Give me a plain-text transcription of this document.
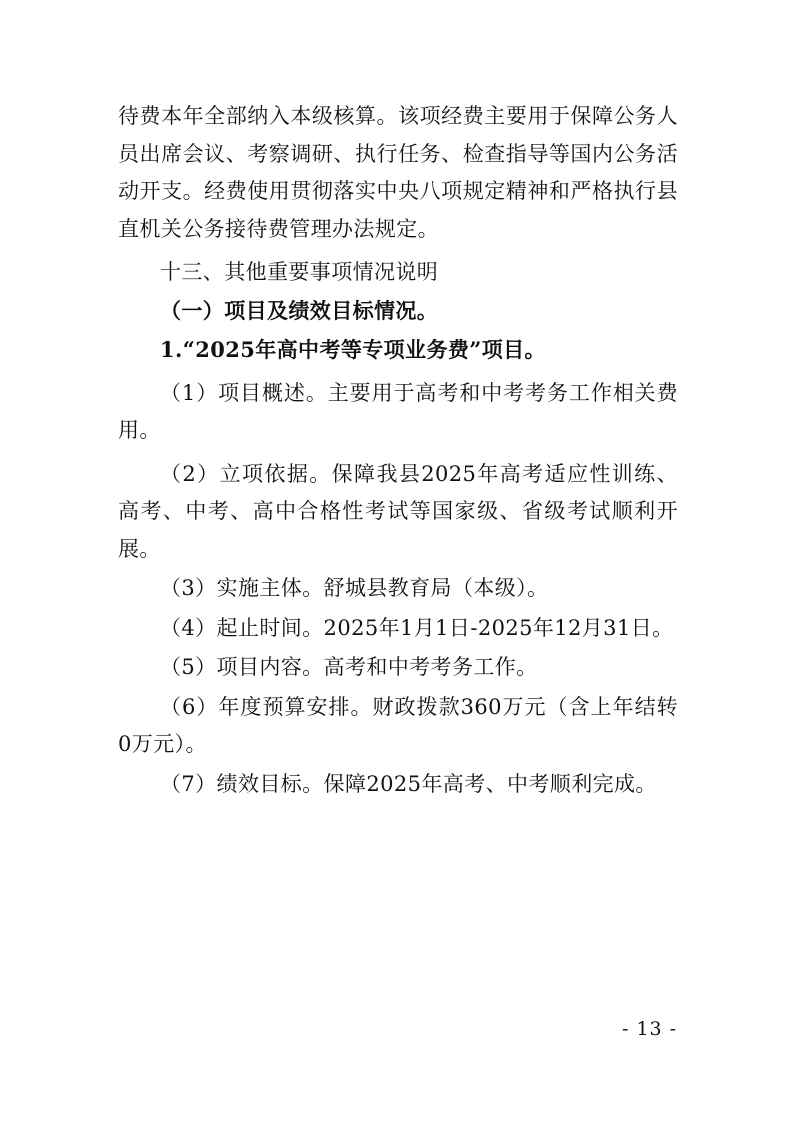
待费本年全部纳入本级核算。该项经费主要用于保障公务人员出席会议、考察调研、执行任务、检查指导等国内公务活动开支。经费使用贯彻落实中央八项规定精神和严格执行县直机关公务接待费管理办法规定。

十三、其他重要事项情况说明

（一）项目及绩效目标情况。

1.“2025年高中考等专项业务费”项目。

（1）项目概述。主要用于高考和中考考务工作相关费用。

（2）立项依据。保障我县2025年高考适应性训练、高考、中考、高中合格性考试等国家级、省级考试顺利开展。

（3）实施主体。舒城县教育局（本级）。

（4）起止时间。2025年1月1日-2025年12月31日。

（5）项目内容。高考和中考考务工作。

（6）年度预算安排。财政拨款360万元（含上年结转0万元）。

（7）绩效目标。保障2025年高考、中考顺利完成。

- 13 -
